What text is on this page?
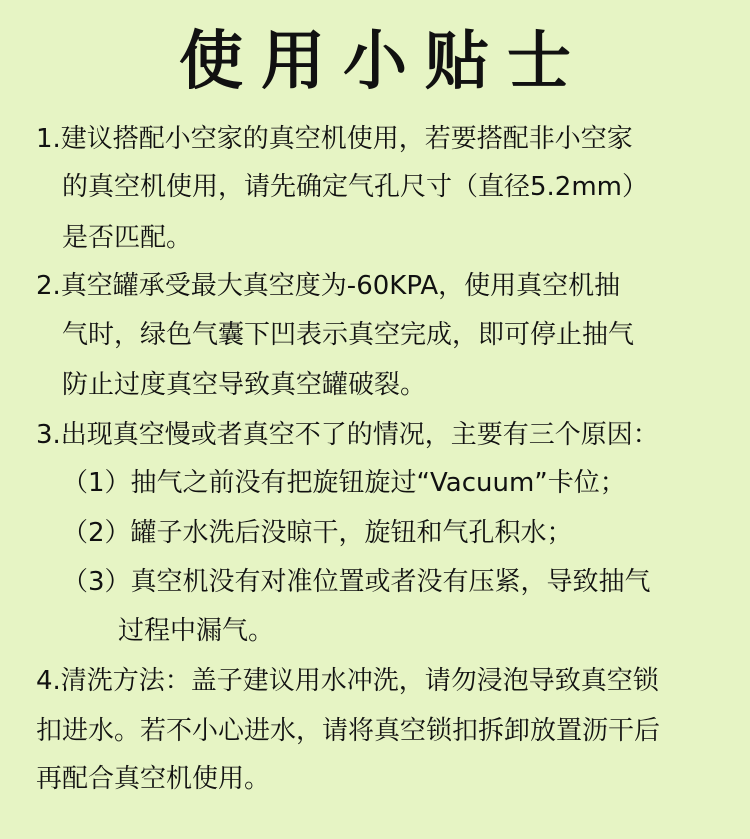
使用小贴士
1.建议搭配小空家的真空机使用，若要搭配非小空家
的真空机使用，请先确定气孔尺寸（直径5.2mm）
是否匹配。
2.真空罐承受最大真空度为-60KPA，使用真空机抽
气时，绿色气囊下凹表示真空完成，即可停止抽气
防止过度真空导致真空罐破裂。
3.出现真空慢或者真空不了的情况，主要有三个原因：
（1）抽气之前没有把旋钮旋过“Vacuum”卡位；
（2）罐子水洗后没晾干，旋钮和气孔积水；
（3）真空机没有对准位置或者没有压紧，导致抽气
过程中漏气。
4.清洗方法：盖子建议用水冲洗，请勿浸泡导致真空锁
扣进水。若不小心进水，请将真空锁扣拆卸放置沥干后
再配合真空机使用。
